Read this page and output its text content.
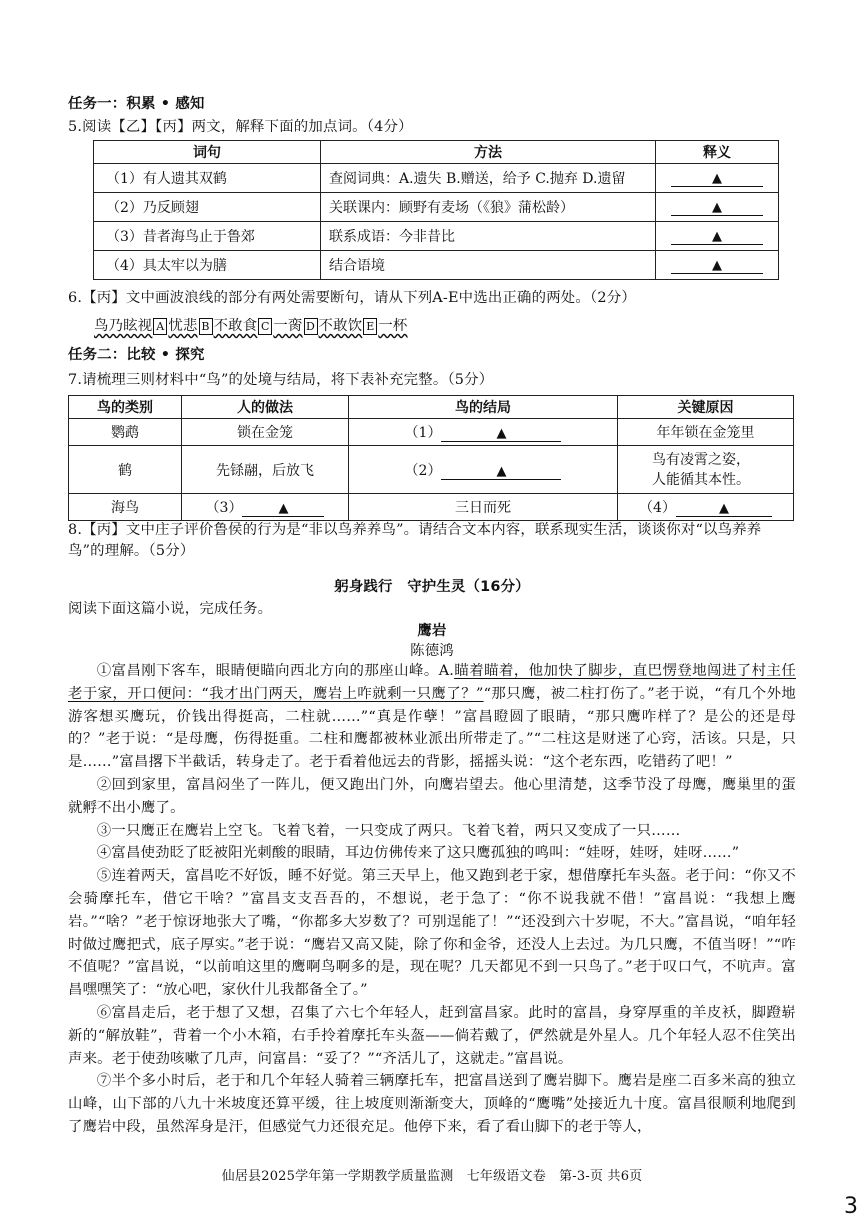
任务一：积累 • 感知
5.阅读【乙】【丙】两文，解释下面的加点词。（4分）
词句	方法	释义
（1）有人遗其双鹤	查阅词典：A.遗失 B.赠送，给予 C.抛弃 D.遗留	▲
（2）乃反顾翅	关联课内：顾野有麦场（《狼》蒲松龄）	▲
（3）昔者海鸟止于鲁郊	联系成语：今非昔比	▲
（4）具太牢以为膳	结合语境	▲
6.【丙】文中画波浪线的部分有两处需要断句，请从下列A-E中选出正确的两处。（2分）
鸟乃眩视 A 忧悲 B 不敢食 C 一脔 D 不敢饮 E 一杯
任务二：比较 • 探究
7.请梳理三则材料中“鸟”的处境与结局，将下表补充完整。（5分）
鸟的类别	人的做法	鸟的结局	关键原因
鹦鹉	锁在金笼	（1） ▲	年年锁在金笼里
鹤	先铩翮，后放飞	（2） ▲	鸟有凌霄之姿，
人能循其本性。

海鸟	（3） ▲	三日而死	（4） ▲
8.【丙】文中庄子评价鲁侯的行为是“非以鸟养养鸟”。请结合文本内容，联系现实生活，谈谈你对“以鸟养养鸟”的理解。（5分）
躬身践行　守护生灵（16分）
阅读下面这篇小说，完成任务。
鹰岩
陈德鸿
①富昌刚下客车，眼睛便瞄向西北方向的那座山峰。A.瞄着瞄着，他加快了脚步，直巴愣登地闯进了村主任老于家，开口便问：“我才出门两天，鹰岩上咋就剩一只鹰了？”“那只鹰，被二柱打伤了。”老于说，“有几个外地游客想买鹰玩，价钱出得挺高，二柱就……”“真是作孽！”富昌瞪圆了眼睛，“那只鹰咋样了？是公的还是母的？”老于说：“是母鹰，伤得挺重。二柱和鹰都被林业派出所带走了。”“二柱这是财迷了心窍，活该。只是，只是……”富昌撂下半截话，转身走了。老于看着他远去的背影，摇摇头说：“这个老东西，吃错药了吧！”
②回到家里，富昌闷坐了一阵儿，便又跑出门外，向鹰岩望去。他心里清楚，这季节没了母鹰，鹰巢里的蛋就孵不出小鹰了。
③一只鹰正在鹰岩上空飞。飞着飞着，一只变成了两只。飞着飞着，两只又变成了一只……
④富昌使劲眨了眨被阳光刺酸的眼睛，耳边仿佛传来了这只鹰孤独的鸣叫：“娃呀，娃呀，娃呀……”
⑤连着两天，富昌吃不好饭，睡不好觉。第三天早上，他又跑到老于家，想借摩托车头盔。老于问：“你又不会骑摩托车，借它干啥？”富昌支支吾吾的，不想说，老于急了：“你不说我就不借！”富昌说：“我想上鹰岩。”“啥？”老于惊讶地张大了嘴，“你都多大岁数了？可别逞能了！”“还没到六十岁呢，不大。”富昌说，“咱年轻时做过鹰把式，底子厚实。”老于说：“鹰岩又高又陡，除了你和金爷，还没人上去过。为几只鹰，不值当呀！”“咋不值呢？”富昌说，“以前咱这里的鹰啊鸟啊多的是，现在呢？几天都见不到一只鸟了。”老于叹口气，不吭声。富昌嘿嘿笑了：“放心吧，家伙什儿我都备全了。”
⑥富昌走后，老于想了又想，召集了六七个年轻人，赶到富昌家。此时的富昌，身穿厚重的羊皮袄，脚蹬崭新的“解放鞋”，背着一个小木箱，右手拎着摩托车头盔——倘若戴了，俨然就是外星人。几个年轻人忍不住笑出声来。老于使劲咳嗽了几声，问富昌：“妥了？”“齐活儿了，这就走。”富昌说。
⑦半个多小时后，老于和几个年轻人骑着三辆摩托车，把富昌送到了鹰岩脚下。鹰岩是座二百多米高的独立山峰，山下部的八九十米坡度还算平缓，往上坡度则渐渐变大，顶峰的“鹰嘴”处接近九十度。富昌很顺利地爬到了鹰岩中段，虽然浑身是汗，但感觉气力还很充足。他停下来，看了看山脚下的老于等人，
仙居县2025学年第一学期教学质量监测　七年级语文卷　第-3-页 共6页
3
